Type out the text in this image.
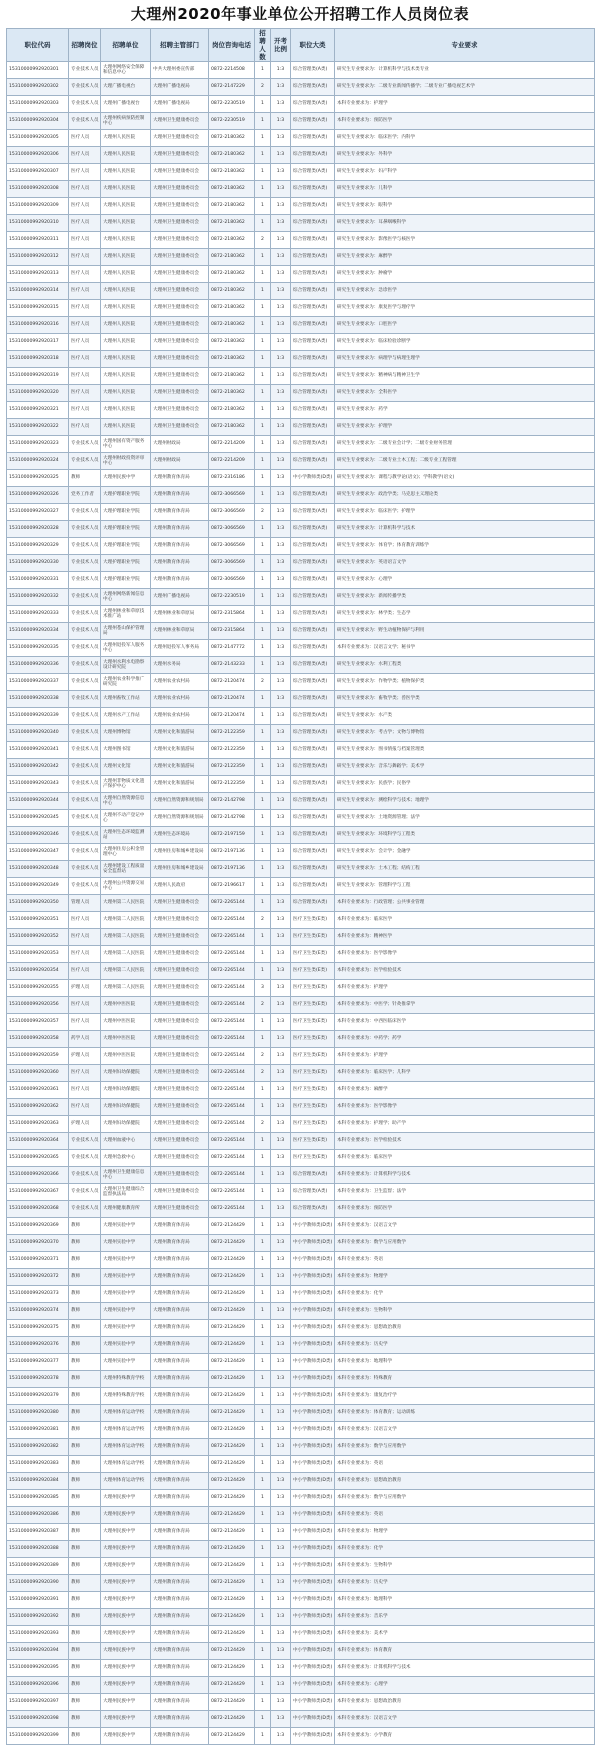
大理州2020年事业单位公开招聘工作人员岗位表
职位代码	招聘岗位	招聘单位	招聘主管部门	岗位咨询电话	招聘人数	开考比例	职位大类	专业要求
15310000992920301	专业技术人员	大理州网络安全保障和信息中心	中共大理州委宣传部	0872-2214508	1	1:3	综合管理类(A类)	研究生专业要求为：计算机科学与技术类专业
15310000992920302	专业技术人员	大理广播电视台	大理州广播电视局	0872-2147229	2	1:3	综合管理类(A类)	研究生专业要求为：二级专业新闻传播学；二级专业广播电视艺术学
15310000992920303	专业技术人员	大理州广播电视台	大理州广播电视局	0872-2230519	1	1:3	综合管理类(A类)	本科专业要求为：护理学
15310000992920304	专业技术人员	大理州疾病预防控制中心	大理州卫生健康委员会	0872-2230519	1	1:3	综合管理类(A类)	本科专业要求为：预防医学
15310000992920305	医疗人员	大理州人民医院	大理州卫生健康委员会	0872-2180362	1	1:3	综合管理类(A类)	研究生专业要求为：临床医学；内科学
15310000992920306	医疗人员	大理州人民医院	大理州卫生健康委员会	0872-2180362	1	1:3	综合管理类(A类)	研究生专业要求为：外科学
15310000992920307	医疗人员	大理州人民医院	大理州卫生健康委员会	0872-2180362	1	1:3	综合管理类(A类)	研究生专业要求为：妇产科学
15310000992920308	医疗人员	大理州人民医院	大理州卫生健康委员会	0872-2180362	1	1:3	综合管理类(A类)	研究生专业要求为：儿科学
15310000992920309	医疗人员	大理州人民医院	大理州卫生健康委员会	0872-2180362	1	1:3	综合管理类(A类)	研究生专业要求为：眼科学
15310000992920310	医疗人员	大理州人民医院	大理州卫生健康委员会	0872-2180362	1	1:3	综合管理类(A类)	研究生专业要求为：耳鼻咽喉科学
15310000992920311	医疗人员	大理州人民医院	大理州卫生健康委员会	0872-2180362	2	1:3	综合管理类(A类)	研究生专业要求为：影像医学与核医学
15310000992920312	医疗人员	大理州人民医院	大理州卫生健康委员会	0872-2180362	1	1:3	综合管理类(A类)	研究生专业要求为：麻醉学
15310000992920313	医疗人员	大理州人民医院	大理州卫生健康委员会	0872-2180362	1	1:3	综合管理类(A类)	研究生专业要求为：肿瘤学
15310000992920314	医疗人员	大理州人民医院	大理州卫生健康委员会	0872-2180362	1	1:3	综合管理类(A类)	研究生专业要求为：急诊医学
15310000992920315	医疗人员	大理州人民医院	大理州卫生健康委员会	0872-2180362	1	1:3	综合管理类(A类)	研究生专业要求为：康复医学与理疗学
15310000992920316	医疗人员	大理州人民医院	大理州卫生健康委员会	0872-2180362	1	1:3	综合管理类(A类)	研究生专业要求为：口腔医学
15310000992920317	医疗人员	大理州人民医院	大理州卫生健康委员会	0872-2180362	1	1:3	综合管理类(A类)	研究生专业要求为：临床检验诊断学
15310000992920318	医疗人员	大理州人民医院	大理州卫生健康委员会	0872-2180362	1	1:3	综合管理类(A类)	研究生专业要求为：病理学与病理生理学
15310000992920319	医疗人员	大理州人民医院	大理州卫生健康委员会	0872-2180362	1	1:3	综合管理类(A类)	研究生专业要求为：精神病与精神卫生学
15310000992920320	医疗人员	大理州人民医院	大理州卫生健康委员会	0872-2180362	1	1:3	综合管理类(A类)	研究生专业要求为：全科医学
15310000992920321	医疗人员	大理州人民医院	大理州卫生健康委员会	0872-2180362	1	1:3	综合管理类(A类)	研究生专业要求为：药学
15310000992920322	医疗人员	大理州人民医院	大理州卫生健康委员会	0872-2180362	1	1:3	综合管理类(A类)	研究生专业要求为：护理学
15310000992920323	专业技术人员	大理州国有资产服务中心	大理州财政局	0872-2214209	1	1:3	综合管理类(A类)	研究生专业要求为：二级专业会计学；二级专业财务管理
15310000992920324	专业技术人员	大理州财政投资评审中心	大理州财政局	0872-2214209	1	1:3	综合管理类(A类)	研究生专业要求为：二级专业土木工程；二级专业工程管理
15310000992920325	教师	大理州民族中学	大理州教育体育局	0872-2316186	1	1:3	中小学教师类(D类)	研究生专业要求为：课程与教学论(语文)；学科教学(语文)
15310000992920326	党务工作者	大理护理职业学院	大理州教育体育局	0872-3066569	1	1:3	综合管理类(A类)	研究生专业要求为：政治学类；马克思主义理论类
15310000992920327	专业技术人员	大理护理职业学院	大理州教育体育局	0872-3066569	2	1:3	综合管理类(A类)	研究生专业要求为：临床医学；护理学
15310000992920328	专业技术人员	大理护理职业学院	大理州教育体育局	0872-3066569	1	1:3	综合管理类(A类)	研究生专业要求为：计算机科学与技术
15310000992920329	专业技术人员	大理护理职业学院	大理州教育体育局	0872-3066569	1	1:3	综合管理类(A类)	研究生专业要求为：体育学；体育教育训练学
15310000992920330	专业技术人员	大理护理职业学院	大理州教育体育局	0872-3066569	1	1:3	综合管理类(A类)	研究生专业要求为：英语语言文学
15310000992920331	专业技术人员	大理护理职业学院	大理州教育体育局	0872-3066569	1	1:3	综合管理类(A类)	研究生专业要求为：心理学
15310000992920332	专业技术人员	大理州网络新闻信息中心	大理州广播电视局	0872-2230519	1	1:3	综合管理类(A类)	研究生专业要求为：新闻传播学类
15310000992920333	专业技术人员	大理州林业和草原技术推广站	大理州林业和草原局	0872-2315864	1	1:3	综合管理类(A类)	研究生专业要求为：林学类；生态学
15310000992920334	专业技术人员	大理州苍山保护管理局	大理州林业和草原局	0872-2315864	1	1:3	综合管理类(A类)	研究生专业要求为：野生动植物保护与利用
15310000992920335	专业技术人员	大理州退役军人服务中心	大理州退役军人事务局	0872-2147772	1	1:3	综合管理类(A类)	本科专业要求为：汉语言文学；秘书学
15310000992920336	专业技术人员	大理州水利水电勘察设计研究院	大理州水务局	0872-2143233	1	1:3	综合管理类(A类)	研究生专业要求为：水利工程类
15310000992920337	专业技术人员	大理州农业科学推广研究院	大理州农业农村局	0872-2120474	2	1:3	综合管理类(A类)	研究生专业要求为：作物学类；植物保护类
15310000992920338	专业技术人员	大理州畜牧工作站	大理州农业农村局	0872-2120474	1	1:3	综合管理类(A类)	研究生专业要求为：畜牧学类；兽医学类
15310000992920339	专业技术人员	大理州水产工作站	大理州农业农村局	0872-2120474	1	1:3	综合管理类(A类)	研究生专业要求为：水产类
15310000992920340	专业技术人员	大理州博物馆	大理州文化和旅游局	0872-2122359	1	1:3	综合管理类(A类)	研究生专业要求为：考古学；文物与博物馆
15310000992920341	专业技术人员	大理州图书馆	大理州文化和旅游局	0872-2122359	1	1:3	综合管理类(A类)	研究生专业要求为：图书情报与档案管理类
15310000992920342	专业技术人员	大理州文化馆	大理州文化和旅游局	0872-2122359	1	1:3	综合管理类(A类)	研究生专业要求为：音乐与舞蹈学；美术学
15310000992920343	专业技术人员	大理州非物质文化遗产保护中心	大理州文化和旅游局	0872-2122359	1	1:3	综合管理类(A类)	研究生专业要求为：民族学；民俗学
15310000992920344	专业技术人员	大理州自然资源信息中心	大理州自然资源和规划局	0872-2142798	1	1:3	综合管理类(A类)	研究生专业要求为：测绘科学与技术；地理学
15310000992920345	专业技术人员	大理州不动产登记中心	大理州自然资源和规划局	0872-2142798	1	1:3	综合管理类(A类)	研究生专业要求为：土地资源管理；法学
15310000992920346	专业技术人员	大理州生态环境监测站	大理州生态环境局	0872-2197159	1	1:3	综合管理类(A类)	研究生专业要求为：环境科学与工程类
15310000992920347	专业技术人员	大理州住房公积金管理中心	大理州住房和城乡建设局	0872-2197136	1	1:3	综合管理类(A类)	研究生专业要求为：会计学；金融学
15310000992920348	专业技术人员	大理州建设工程质量安全监督站	大理州住房和城乡建设局	0872-2197136	1	1:3	综合管理类(A类)	研究生专业要求为：土木工程；结构工程
15310000992920349	专业技术人员	大理州公共资源交易中心	大理州人民政府	0872-2196617	1	1:3	综合管理类(A类)	研究生专业要求为：管理科学与工程
15310000992920350	管理人员	大理州第二人民医院	大理州卫生健康委员会	0872-2265144	1	1:3	综合管理类(A类)	本科专业要求为：行政管理；公共事业管理
15310000992920351	医疗人员	大理州第二人民医院	大理州卫生健康委员会	0872-2265144	2	1:3	医疗卫生类(E类)	本科专业要求为：临床医学
15310000992920352	医疗人员	大理州第二人民医院	大理州卫生健康委员会	0872-2265144	1	1:3	医疗卫生类(E类)	本科专业要求为：精神医学
15310000992920353	医疗人员	大理州第二人民医院	大理州卫生健康委员会	0872-2265144	1	1:3	医疗卫生类(E类)	本科专业要求为：医学影像学
15310000992920354	医疗人员	大理州第二人民医院	大理州卫生健康委员会	0872-2265144	1	1:3	医疗卫生类(E类)	本科专业要求为：医学检验技术
15310000992920355	护理人员	大理州第二人民医院	大理州卫生健康委员会	0872-2265144	3	1:3	医疗卫生类(E类)	本科专业要求为：护理学
15310000992920356	医疗人员	大理州中医医院	大理州卫生健康委员会	0872-2265144	2	1:3	医疗卫生类(E类)	本科专业要求为：中医学；针灸推拿学
15310000992920357	医疗人员	大理州中医医院	大理州卫生健康委员会	0872-2265144	1	1:3	医疗卫生类(E类)	本科专业要求为：中西医临床医学
15310000992920358	药学人员	大理州中医医院	大理州卫生健康委员会	0872-2265144	1	1:3	医疗卫生类(E类)	本科专业要求为：中药学；药学
15310000992920359	护理人员	大理州中医医院	大理州卫生健康委员会	0872-2265144	2	1:3	医疗卫生类(E类)	本科专业要求为：护理学
15310000992920360	医疗人员	大理州妇幼保健院	大理州卫生健康委员会	0872-2265144	2	1:3	医疗卫生类(E类)	本科专业要求为：临床医学；儿科学
15310000992920361	医疗人员	大理州妇幼保健院	大理州卫生健康委员会	0872-2265144	1	1:3	医疗卫生类(E类)	本科专业要求为：麻醉学
15310000992920362	医疗人员	大理州妇幼保健院	大理州卫生健康委员会	0872-2265144	1	1:3	医疗卫生类(E类)	本科专业要求为：医学影像学
15310000992920363	护理人员	大理州妇幼保健院	大理州卫生健康委员会	0872-2265144	2	1:3	医疗卫生类(E类)	本科专业要求为：护理学；助产学
15310000992920364	专业技术人员	大理州血液中心	大理州卫生健康委员会	0872-2265144	1	1:3	医疗卫生类(E类)	本科专业要求为：医学检验技术
15310000992920365	专业技术人员	大理州急救中心	大理州卫生健康委员会	0872-2265144	1	1:3	医疗卫生类(E类)	本科专业要求为：临床医学
15310000992920366	专业技术人员	大理州卫生健康信息中心	大理州卫生健康委员会	0872-2265144	1	1:3	综合管理类(A类)	本科专业要求为：计算机科学与技术
15310000992920367	专业技术人员	大理州卫生健康综合监督执法局	大理州卫生健康委员会	0872-2265144	1	1:3	综合管理类(A类)	本科专业要求为：卫生监督；法学
15310000992920368	专业技术人员	大理州健康教育所	大理州卫生健康委员会	0872-2265144	1	1:3	综合管理类(A类)	本科专业要求为：预防医学
15310000992920369	教师	大理州实验中学	大理州教育体育局	0872-2124429	1	1:3	中小学教师类(D类)	本科专业要求为：汉语言文学
15310000992920370	教师	大理州实验中学	大理州教育体育局	0872-2124429	1	1:3	中小学教师类(D类)	本科专业要求为：数学与应用数学
15310000992920371	教师	大理州实验中学	大理州教育体育局	0872-2124429	1	1:3	中小学教师类(D类)	本科专业要求为：英语
15310000992920372	教师	大理州实验中学	大理州教育体育局	0872-2124429	1	1:3	中小学教师类(D类)	本科专业要求为：物理学
15310000992920373	教师	大理州实验中学	大理州教育体育局	0872-2124429	1	1:3	中小学教师类(D类)	本科专业要求为：化学
15310000992920374	教师	大理州实验中学	大理州教育体育局	0872-2124429	1	1:3	中小学教师类(D类)	本科专业要求为：生物科学
15310000992920375	教师	大理州实验中学	大理州教育体育局	0872-2124429	1	1:3	中小学教师类(D类)	本科专业要求为：思想政治教育
15310000992920376	教师	大理州实验中学	大理州教育体育局	0872-2124429	1	1:3	中小学教师类(D类)	本科专业要求为：历史学
15310000992920377	教师	大理州实验中学	大理州教育体育局	0872-2124429	1	1:3	中小学教师类(D类)	本科专业要求为：地理科学
15310000992920378	教师	大理州特殊教育学校	大理州教育体育局	0872-2124429	1	1:3	中小学教师类(D类)	本科专业要求为：特殊教育
15310000992920379	教师	大理州特殊教育学校	大理州教育体育局	0872-2124429	1	1:3	中小学教师类(D类)	本科专业要求为：康复治疗学
15310000992920380	教师	大理州体育运动学校	大理州教育体育局	0872-2124429	1	1:3	中小学教师类(D类)	本科专业要求为：体育教育；运动训练
15310000992920381	教师	大理州体育运动学校	大理州教育体育局	0872-2124429	1	1:3	中小学教师类(D类)	本科专业要求为：汉语言文学
15310000992920382	教师	大理州体育运动学校	大理州教育体育局	0872-2124429	1	1:3	中小学教师类(D类)	本科专业要求为：数学与应用数学
15310000992920383	教师	大理州体育运动学校	大理州教育体育局	0872-2124429	1	1:3	中小学教师类(D类)	本科专业要求为：英语
15310000992920384	教师	大理州体育运动学校	大理州教育体育局	0872-2124429	1	1:3	中小学教师类(D类)	本科专业要求为：思想政治教育
15310000992920385	教师	大理州民族中学	大理州教育体育局	0872-2124429	1	1:3	中小学教师类(D类)	本科专业要求为：数学与应用数学
15310000992920386	教师	大理州民族中学	大理州教育体育局	0872-2124429	1	1:3	中小学教师类(D类)	本科专业要求为：英语
15310000992920387	教师	大理州民族中学	大理州教育体育局	0872-2124429	1	1:3	中小学教师类(D类)	本科专业要求为：物理学
15310000992920388	教师	大理州民族中学	大理州教育体育局	0872-2124429	1	1:3	中小学教师类(D类)	本科专业要求为：化学
15310000992920389	教师	大理州民族中学	大理州教育体育局	0872-2124429	1	1:3	中小学教师类(D类)	本科专业要求为：生物科学
15310000992920390	教师	大理州民族中学	大理州教育体育局	0872-2124429	1	1:3	中小学教师类(D类)	本科专业要求为：历史学
15310000992920391	教师	大理州民族中学	大理州教育体育局	0872-2124429	1	1:3	中小学教师类(D类)	本科专业要求为：地理科学
15310000992920392	教师	大理州民族中学	大理州教育体育局	0872-2124429	1	1:3	中小学教师类(D类)	本科专业要求为：音乐学
15310000992920393	教师	大理州民族中学	大理州教育体育局	0872-2124429	1	1:3	中小学教师类(D类)	本科专业要求为：美术学
15310000992920394	教师	大理州民族中学	大理州教育体育局	0872-2124429	1	1:3	中小学教师类(D类)	本科专业要求为：体育教育
15310000992920395	教师	大理州民族中学	大理州教育体育局	0872-2124429	1	1:3	中小学教师类(D类)	本科专业要求为：计算机科学与技术
15310000992920396	教师	大理州民族中学	大理州教育体育局	0872-2124429	1	1:3	中小学教师类(D类)	本科专业要求为：心理学
15310000992920397	教师	大理州民族中学	大理州教育体育局	0872-2124429	1	1:3	中小学教师类(D类)	本科专业要求为：思想政治教育
15310000992920398	教师	大理州民族中学	大理州教育体育局	0872-2124429	1	1:3	中小学教师类(D类)	本科专业要求为：汉语言文学
15310000992920399	教师	大理州民族中学	大理州教育体育局	0872-2124429	1	1:3	中小学教师类(D类)	本科专业要求为：小学教育
